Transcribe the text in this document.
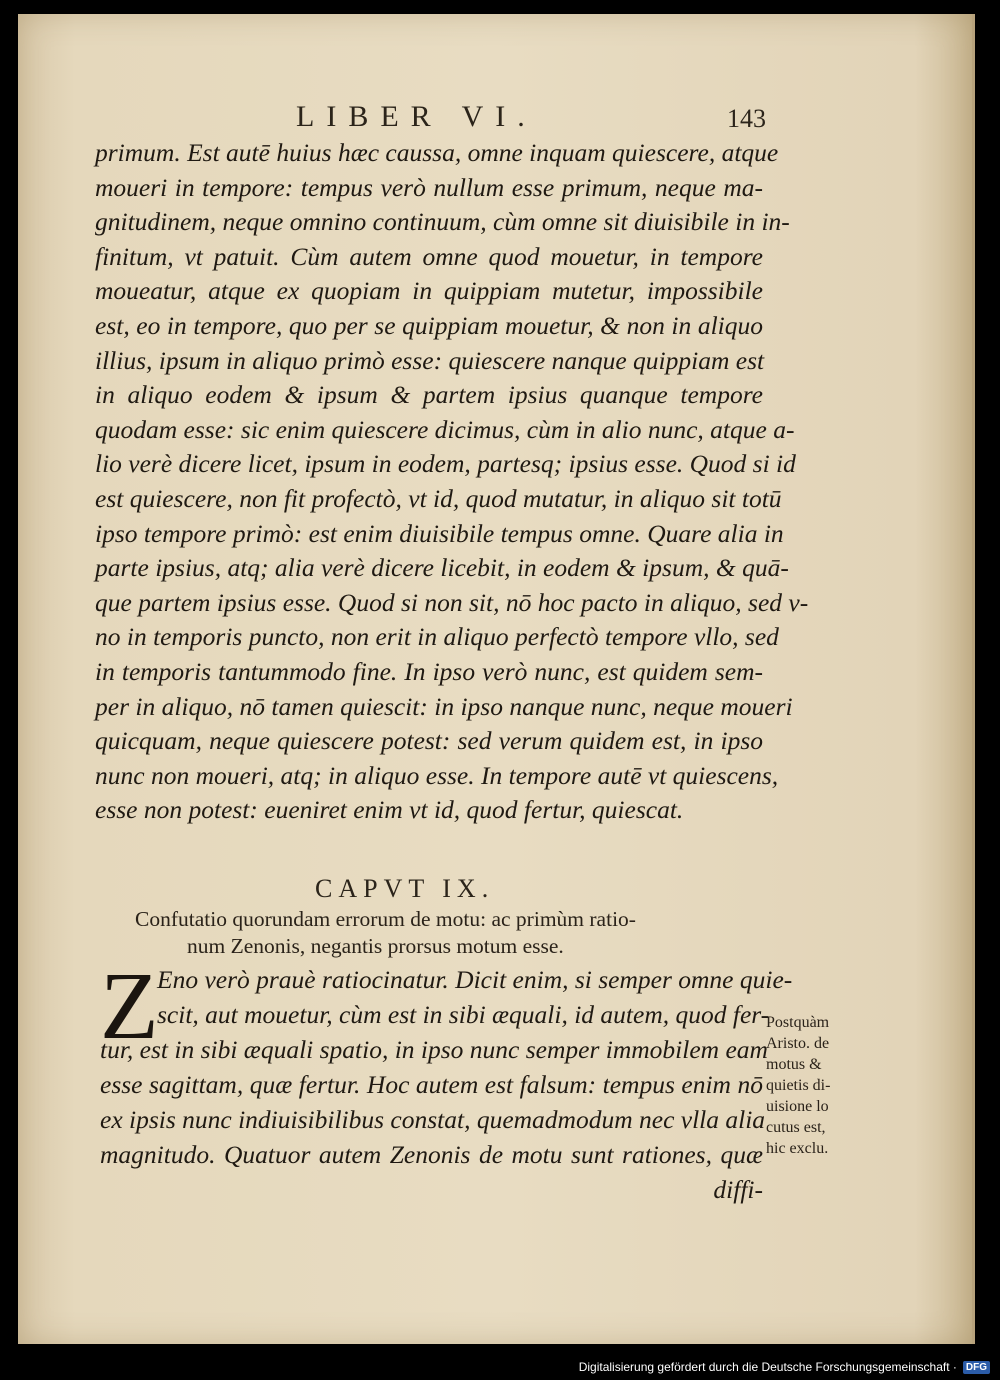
LIBER VI.	143
primum. Est autē huius hæc caussa, omne inquam quiescere, atque
moueri in tempore: tempus verò nullum esse primum, neque ma-
gnitudinem, neque omnino continuum, cùm omne sit diuisibile in in-
finitum, vt patuit. Cùm autem omne quod mouetur, in tempore
moueatur, atque ex quopiam in quippiam mutetur, impossibile
est, eo in tempore, quo per se quippiam mouetur, & non in aliquo
illius, ipsum in aliquo primò esse: quiescere nanque quippiam est
in aliquo eodem & ipsum & partem ipsius quanque tempore
quodam esse: sic enim quiescere dicimus, cùm in alio nunc, atque a-
lio verè dicere licet, ipsum in eodem, partesq; ipsius esse. Quod si id
est quiescere, non fit profectò, vt id, quod mutatur, in aliquo sit totū
ipso tempore primò: est enim diuisibile tempus omne. Quare alia in
parte ipsius, atq; alia verè dicere licebit, in eodem & ipsum, & quā-
que partem ipsius esse. Quod si non sit, nō hoc pacto in aliquo, sed v-
no in temporis puncto, non erit in aliquo perfectò tempore vllo, sed
in temporis tantummodo fine. In ipso verò nunc, est quidem sem-
per in aliquo, nō tamen quiescit: in ipso nanque nunc, neque moueri
quicquam, neque quiescere potest: sed verum quidem est, in ipso
nunc non moueri, atq; in aliquo esse. In tempore autē vt quiescens,
esse non potest: eueniret enim vt id, quod fertur, quiescat.
CAPVT IX.
Confutatio quorundam errorum de motu: ac primùm ratio-
num Zenonis, negantis prorsus motum esse.
Z
Eno verò prauè ratiocinatur. Dicit enim, si semper omne quie-
scit, aut mouetur, cùm est in sibi æquali, id autem, quod fer-
tur, est in sibi æquali spatio, in ipso nunc semper immobilem eam
esse sagittam, quæ fertur. Hoc autem est falsum: tempus enim nō
ex ipsis nunc indiuisibilibus constat, quemadmodum nec vlla alia
magnitudo. Quatuor autem Zenonis de motu sunt rationes, quæ
diffi-
Postquàm
Aristo. de
motus &
quietis di-
uisione lo
cutus est,
hic exclu.
Digitalisierung gefördert durch die Deutsche Forschungsgemeinschaft · DFG
